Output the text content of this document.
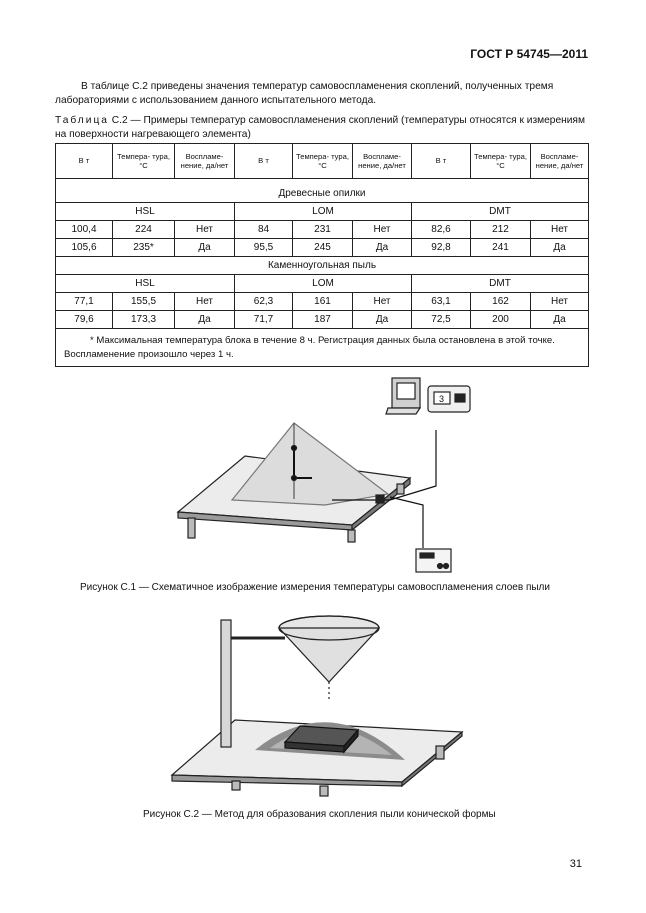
ГОСТ Р 54745—2011
В таблице С.2 приведены значения температур самовоспламенения скоплений, полученных тремя лабораториями с использованием данного испытательного метода.
Таблица С.2 — Примеры температур самовоспламенения скоплений (температуры относятся к измерениям на поверхности нагревающего элемента)
В т	Темпера- тура, °С	Воспламе- нение, да/нет	В т	Темпера- тура, °С	Воспламе- нение, да/нет	В т	Темпера- тура, °С	Воспламе- нение, да/нет

Древесные опилки								
HSL			LOM			DMT		
100,4	224	Нет	84	231	Нет	82,6	212	Нет
105,6	235*	Да	95,5	245	Да	92,8	241	Да
Каменноугольная пыль								
HSL			LOM			DMT		
77,1	155,5	Нет	62,3	161	Нет	63,1	162	Нет
79,6	173,3	Да	71,7	187	Да	72,5	200	Да

* Максимальная температура блока в течение 8 ч. Регистрация данных была остановлена в этой точке.
Воспламенение произошло через 1 ч.								
3
Рисунок С.1 — Схематичное изображение измерения температуры самовоспламенения слоев пыли
Рисунок С.2 — Метод для образования скопления пыли конической формы
31
